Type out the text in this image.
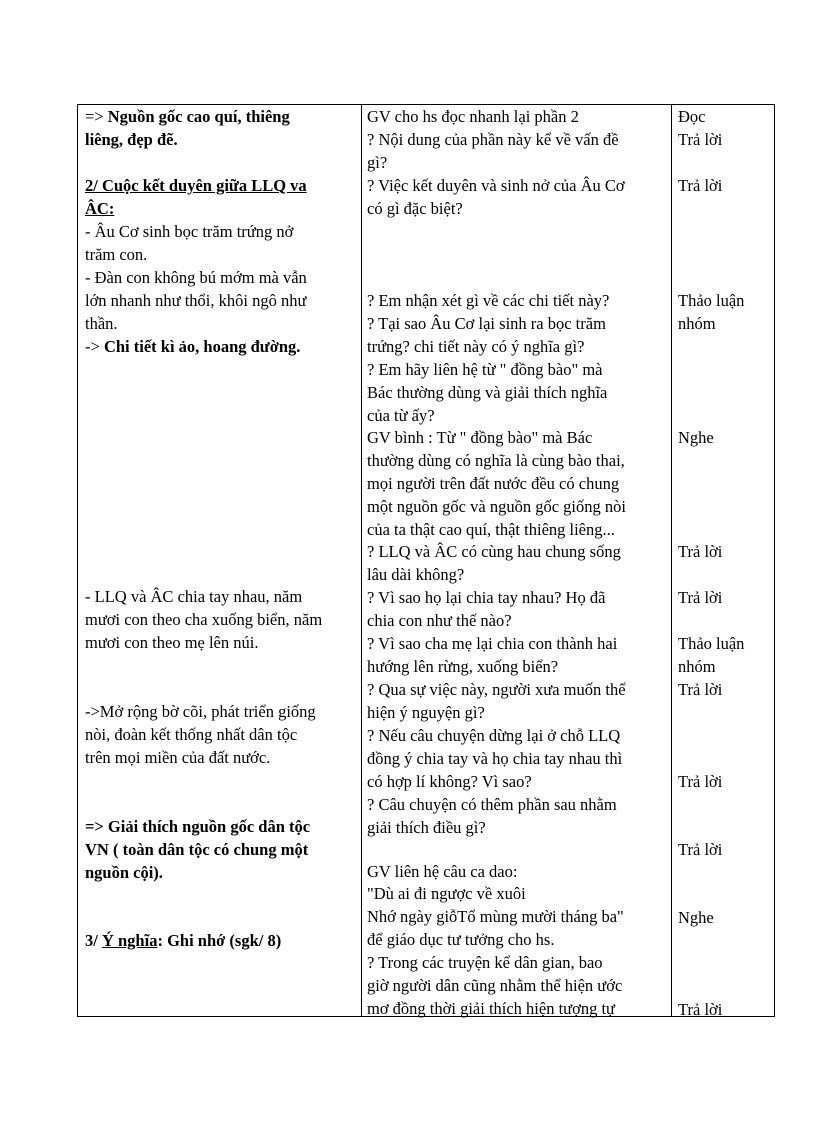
=> Nguồn gốc cao quí, thiêng
liêng, đẹp đẽ.
2/ Cuộc kết duyên giữa LLQ va
ÂC:
- Âu Cơ sinh bọc trăm trứng nở
trăm con.
- Đàn con không bú mớm mà vẫn
lớn nhanh như thổi, khôi ngô như
thần.
-> Chi tiết kì ảo, hoang đường.
- LLQ và ÂC chia tay nhau, năm
mươi con theo cha xuống biển, năm
mươi con theo mẹ lên núi.
->Mở rộng bờ cõi, phát triển giống
nòi, đoàn kết thống nhất dân tộc
trên mọi miền của đất nước.
=> Giải thích nguồn gốc dân tộc
VN ( toàn dân tộc có chung một
nguồn cội).
3/ Ý nghĩa: Ghi nhớ (sgk/ 8)
GV cho hs đọc nhanh lại phần 2
? Nội dung của phần này kể về vấn đề
gì?
? Việc kết duyên và sinh nở của Âu Cơ
có gì đặc biệt?
? Em nhận xét gì về các chi tiết này?
? Tại sao Âu Cơ lại sinh ra bọc trăm
trứng? chi tiết này có ý nghĩa gì?
? Em hãy liên hệ từ " đồng bào" mà
Bác thường dùng và giải thích nghĩa
của từ ấy?
GV bình : Từ " đồng bào" mà Bác
thường dùng có nghĩa là cùng bào thai,
mọi người trên đất nước đều có chung
một nguồn gốc và nguồn gốc giống nòi
của ta thật cao quí, thật thiêng liêng...
? LLQ và ÂC có cùng hau chung sống
lâu dài không?
? Vì sao họ lại chia tay nhau? Họ đã
chia con như thế nào?
? Vì sao cha mẹ lại chia con thành hai
hướng lên rừng, xuống biển?
? Qua sự việc này, người xưa muốn thể
hiện ý nguyện gì?
? Nếu câu chuyện dừng lại ở chỗ LLQ
đồng ý chia tay và họ chia tay nhau thì
có hợp lí không? Vì sao?
? Câu chuyện có thêm phần sau nhằm
giải thích điều gì?
GV liên hệ câu ca dao:
"Dù ai đi ngược về xuôi
Nhớ ngày giỗTổ mùng mười tháng ba"
để giáo dục tư tưởng cho hs.
? Trong các truyện kể dân gian, bao
giờ người dân cũng nhằm thể hiện ước
mơ đồng thời giải thích hiện tượng tự
Đọc
Trả lời
Trả lời
Thảo luận
nhóm
Nghe
Trả lời
Trả lời
Thảo luận
nhóm
Trả lời
Trả lời
Trả lời
Nghe
Trả lời
